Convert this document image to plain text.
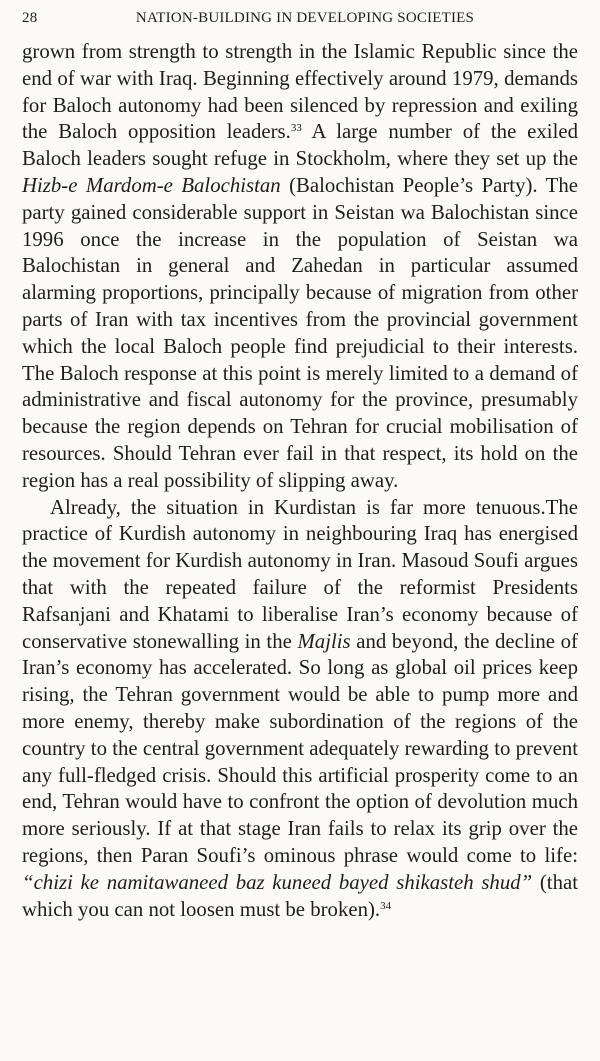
28	NATION-BUILDING IN DEVELOPING SOCIETIES

grown from strength to strength in the Islamic Republic since the end of war with Iraq. Beginning effectively around 1979, demands for Baloch autonomy had been silenced by repression and exiling the Baloch opposition leaders.$^{33}$ A large number of the exiled Baloch leaders sought refuge in Stockholm, where they set up the Hizb-e Mardom-e Balochistan (Balochistan People’s Party). The party gained considerable support in Seistan wa Balochistan since 1996 once the increase in the population of Seistan wa Balochistan in general and Zahedan in particular assumed alarming proportions, principally because of migration from other parts of Iran with tax incentives from the provincial government which the local Baloch people find prejudicial to their interests. The Baloch response at this point is merely limited to a demand of administrative and fiscal autonomy for the province, presumably because the region depends on Tehran for crucial mobilisation of resources. Should Tehran ever fail in that respect, its hold on the region has a real possibility of slipping away.

Already, the situation in Kurdistan is far more tenuous.The practice of Kurdish autonomy in neighbouring Iraq has energised the movement for Kurdish autonomy in Iran. Masoud Soufi argues that with the repeated failure of the reformist Presidents Rafsanjani and Khatami to liberalise Iran’s economy because of conservative stonewalling in the Majlis and beyond, the decline of Iran’s economy has accelerated. So long as global oil prices keep rising, the Tehran government would be able to pump more and more enemy, thereby make subordination of the regions of the country to the central government adequately rewarding to prevent any full-fledged crisis. Should this artificial prosperity come to an end, Tehran would have to confront the option of devolution much more seriously. If at that stage Iran fails to relax its grip over the regions, then Paran Soufi’s ominous phrase would come to life: “chizi ke namitawaneed baz kuneed bayed shikasteh shud” (that which you can not loosen must be broken).$^{34}$
